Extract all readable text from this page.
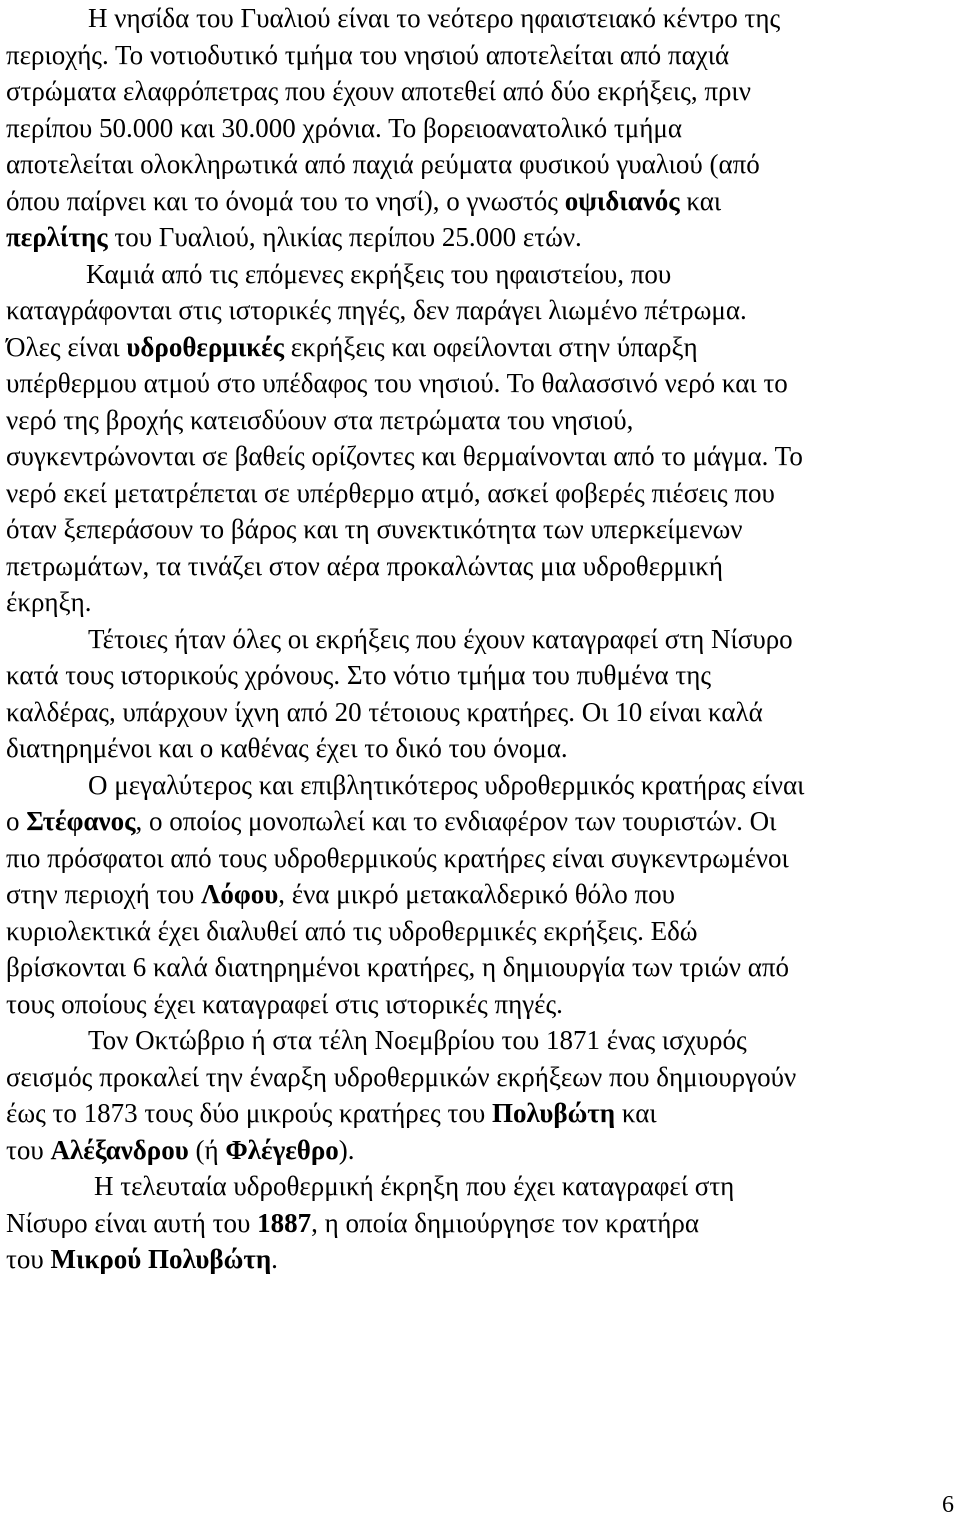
Η νησίδα του Γυαλιού είναι το νεότερο ηφαιστειακό κέντρο της
περιοχής. Το νοτιοδυτικό τμήμα του νησιού αποτελείται από παχιά
στρώματα ελαφρόπετρας που έχουν αποτεθεί από δύο εκρήξεις, πριν
περίπου 50.000 και 30.000 χρόνια. Το βορειοανατολικό τμήμα
αποτελείται ολοκληρωτικά από παχιά ρεύματα φυσικού γυαλιού (από
όπου παίρνει και το όνομά του το νησί), ο γνωστός οψιδιανός και
περλίτης του Γυαλιού, ηλικίας περίπου 25.000 ετών.
Καμιά από τις επόμενες εκρήξεις του ηφαιστείου, που
καταγράφονται στις ιστορικές πηγές, δεν παράγει λιωμένο πέτρωμα.
Όλες είναι υδροθερμικές εκρήξεις και οφείλονται στην ύπαρξη
υπέρθερμου ατμού στο υπέδαφος του νησιού. Το θαλασσινό νερό και το
νερό της βροχής κατεισδύουν στα πετρώματα του νησιού,
συγκεντρώνονται σε βαθείς ορίζοντες και θερμαίνονται από το μάγμα. Το
νερό εκεί μετατρέπεται σε υπέρθερμο ατμό, ασκεί φοβερές πιέσεις που
όταν ξεπεράσουν το βάρος και τη συνεκτικότητα των υπερκείμενων
πετρωμάτων, τα τινάζει στον αέρα προκαλώντας μια υδροθερμική
έκρηξη.
Τέτοιες ήταν όλες οι εκρήξεις που έχουν καταγραφεί στη Νίσυρο
κατά τους ιστορικούς χρόνους. Στο νότιο τμήμα του πυθμένα της
καλδέρας, υπάρχουν ίχνη από 20 τέτοιους κρατήρες. Οι 10 είναι καλά
διατηρημένοι και ο καθένας έχει το δικό του όνομα.
Ο μεγαλύτερος και επιβλητικότερος υδροθερμικός κρατήρας είναι
ο Στέφανος, ο οποίος μονοπωλεί και το ενδιαφέρον των τουριστών. Οι
πιο πρόσφατοι από τους υδροθερμικούς κρατήρες είναι συγκεντρωμένοι
στην περιοχή του Λόφου, ένα μικρό μετακαλδερικό θόλο που
κυριολεκτικά έχει διαλυθεί από τις υδροθερμικές εκρήξεις. Εδώ
βρίσκονται 6 καλά διατηρημένοι κρατήρες, η δημιουργία των τριών από
τους οποίους έχει καταγραφεί στις ιστορικές πηγές.
Τον Οκτώβριο ή στα τέλη Νοεμβρίου του 1871 ένας ισχυρός
σεισμός προκαλεί την έναρξη υδροθερμικών εκρήξεων που δημιουργούν
έως το 1873 τους δύο μικρούς κρατήρες του Πολυβώτη και
του Αλέξανδρου (ή Φλέγεθρο).
Η τελευταία υδροθερμική έκρηξη που έχει καταγραφεί στη
Νίσυρο είναι αυτή του 1887, η οποία δημιούργησε τον κρατήρα
του Μικρού Πολυβώτη.
6
